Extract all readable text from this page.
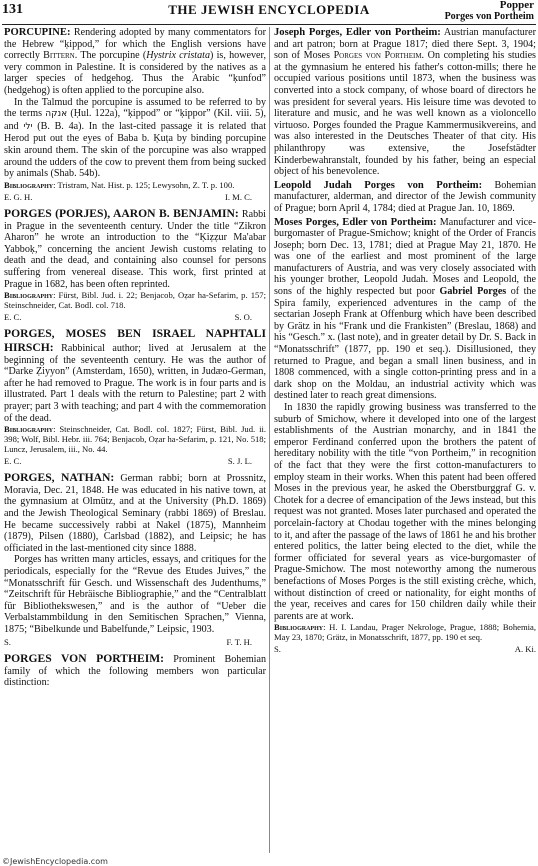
131	THE JEWISH ENCYCLOPEDIA	Popper
Porges von Portheim

PORCUPINE: Rendering adopted by many commentators for the Hebrew “ḳippod,” for which the English versions have correctly Bittern. The porcupine (Hystrix cristata) is, however, very common in Palestine. It is considered by the natives as a larger species of hedgehog. Thus the Arabic “ḳunfod” (hedgehog) is often applied to the porcupine also.

In the Talmud the porcupine is assumed to be referred to by the terms אנקה (Ḥul. 122a), “ḳippod” or “ḳippor” (Kil. viii. 5), and ילי (B. B. 4a). In the last-cited passage it is related that Herod put out the eyes of Baba b. Ḳuṭa by binding porcupine skin around them. The skin of the porcupine was also wrapped around the udders of the cow to prevent them from being sucked by animals (Shab. 54b).

Bibliography: Tristram, Nat. Hist. p. 125; Lewysohn, Z. T. p. 100.

E. G. H.	I. M. C.

PORGES (PORJES), AARON B. BENJAMIN: Rabbi in Prague in the seventeenth century. Under the title “Zikron Aharon” he wrote an introduction to the “Ḳiẓẓur Ma'abar Yabboḳ,” concerning the ancient Jewish customs relating to death and the dead, and containing also counsel for persons suffering from venereal disease. This work, first printed at Prague in 1682, has been often reprinted.

Bibliography: Fürst, Bibl. Jud. i. 22; Benjacob, Oẓar ha-Sefarim, p. 157; Steinschneider, Cat. Bodl. col. 718.

E. C.	S. O.

PORGES, MOSES BEN ISRAEL NAPHTALI HIRSCH: Rabbinical author; lived at Jerusalem at the beginning of the seventeenth century. He was the author of “Darke Ẓiyyon” (Amsterdam, 1650), written, in Judæo-German, after he had removed to Prague. The work is in four parts and is illustrated. Part 1 deals with the return to Palestine; part 2 with prayer; part 3 with teaching; and part 4 with the commemoration of the dead.

Bibliography: Steinschneider, Cat. Bodl. col. 1827; Fürst, Bibl. Jud. ii. 398; Wolf, Bibl. Hebr. iii. 764; Benjacob, Oẓar ha-Sefarim, p. 121, No. 518; Luncz, Jerusalem, iii., No. 44.

E. C.	S. J. L.

PORGES, NATHAN: German rabbi; born at Prossnitz, Moravia, Dec. 21, 1848. He was educated in his native town, at the gymnasium at Olmütz, and at the University (Ph.D. 1869) and the Jewish Theological Seminary (rabbi 1869) of Breslau. He became successively rabbi at Nakel (1875), Mannheim (1879), Pilsen (1880), Carlsbad (1882), and Leipsic; he has officiated in the last-mentioned city since 1888.

Porges has written many articles, essays, and critiques for the periodicals, especially for the “Revue des Etudes Juives,” the “Monatsschrift für Gesch. und Wissenschaft des Judenthums,” “Zeitschrift für Hebräische Bibliographie,” and the “Centralblatt für Bibliothekswesen,” and is the author of “Ueber die Verbalstammbildung in den Semitischen Sprachen,” Vienna, 1875; “Bibelkunde und Babelfunde,” Leipsic, 1903.

S.	F. T. H.

PORGES VON PORTHEIM: Prominent Bohemian family of which the following members won particular distinction:

Joseph Porges, Edler von Portheim: Austrian manufacturer and art patron; born at Prague 1817; died there Sept. 3, 1904; son of Moses Porges von Portheim. On completing his studies at the gymnasium he entered his father's cotton-mills; there he occupied various positions until 1873, when the business was converted into a stock company, of whose board of directors he was president for several years. His leisure time was devoted to literature and music, and he was well known as a violoncello virtuoso. Porges founded the Prague Kammermusikvereins, and was also interested in the Deutsches Theater of that city. His philanthropy was extensive, the Josefstädter Kinderbewahranstalt, founded by his father, being an especial object of his benevolence.

Leopold Judah Porges von Portheim: Bohemian manufacturer, alderman, and director of the Jewish community of Prague; born April 4, 1784; died at Prague Jan. 10, 1869.

Moses Porges, Edler von Portheim: Manufacturer and vice-burgomaster of Prague-Smichow; knight of the Order of Francis Joseph; born Dec. 13, 1781; died at Prague May 21, 1870. He was one of the earliest and most prominent of the large manufacturers of Austria, and was very closely associated with his younger brother, Leopold Judah. Moses and Leopold, the sons of the highly respected but poor Gabriel Porges of the Spira family, experienced adventures in the camp of the sectarian Joseph Frank at Offenburg which have been described by Grätz in his “Frank und die Frankisten” (Breslau, 1868) and his “Gesch.” x. (last note), and in greater detail by Dr. S. Back in “Monatsschrift” (1877, pp. 190 et seq.). Disillusioned, they returned to Prague, and began a small linen business, and in 1808 commenced, with a single cotton-printing press and in a dark shop on the Moldau, an industrial activity which was destined later to reach great dimensions.

In 1830 the rapidly growing business was transferred to the suburb of Smichow, where it developed into one of the largest establishments of the Austrian monarchy, and in 1841 the emperor Ferdinand conferred upon the brothers the patent of hereditary nobility with the title “von Portheim,” in recognition of the fact that they were the first cotton-manufacturers to employ steam in their works. When this patent had been offered Moses in the previous year, he asked the Oberstburggraf G. v. Chotek for a decree of emancipation of the Jews instead, but this request was not granted. Moses later purchased and operated the porcelain-factory at Chodau together with the mines belonging to it, and after the passage of the laws of 1861 he and his brother entered politics, the latter being elected to the diet, while the former officiated for several years as vice-burgomaster of Prague-Smichow. The most noteworthy among the numerous benefactions of Moses Porges is the still existing crèche, which, without distinction of creed or nationality, for eight months of the year, receives and cares for 150 children daily while their parents are at work.

Bibliography: H. I. Landau, Prager Nekrologe, Prague, 1888; Bohemia, May 23, 1870; Grätz, in Monatsschrift, 1877, pp. 190 et seq.

S.	A. Ki.
©JewishEncyclopedia.com
